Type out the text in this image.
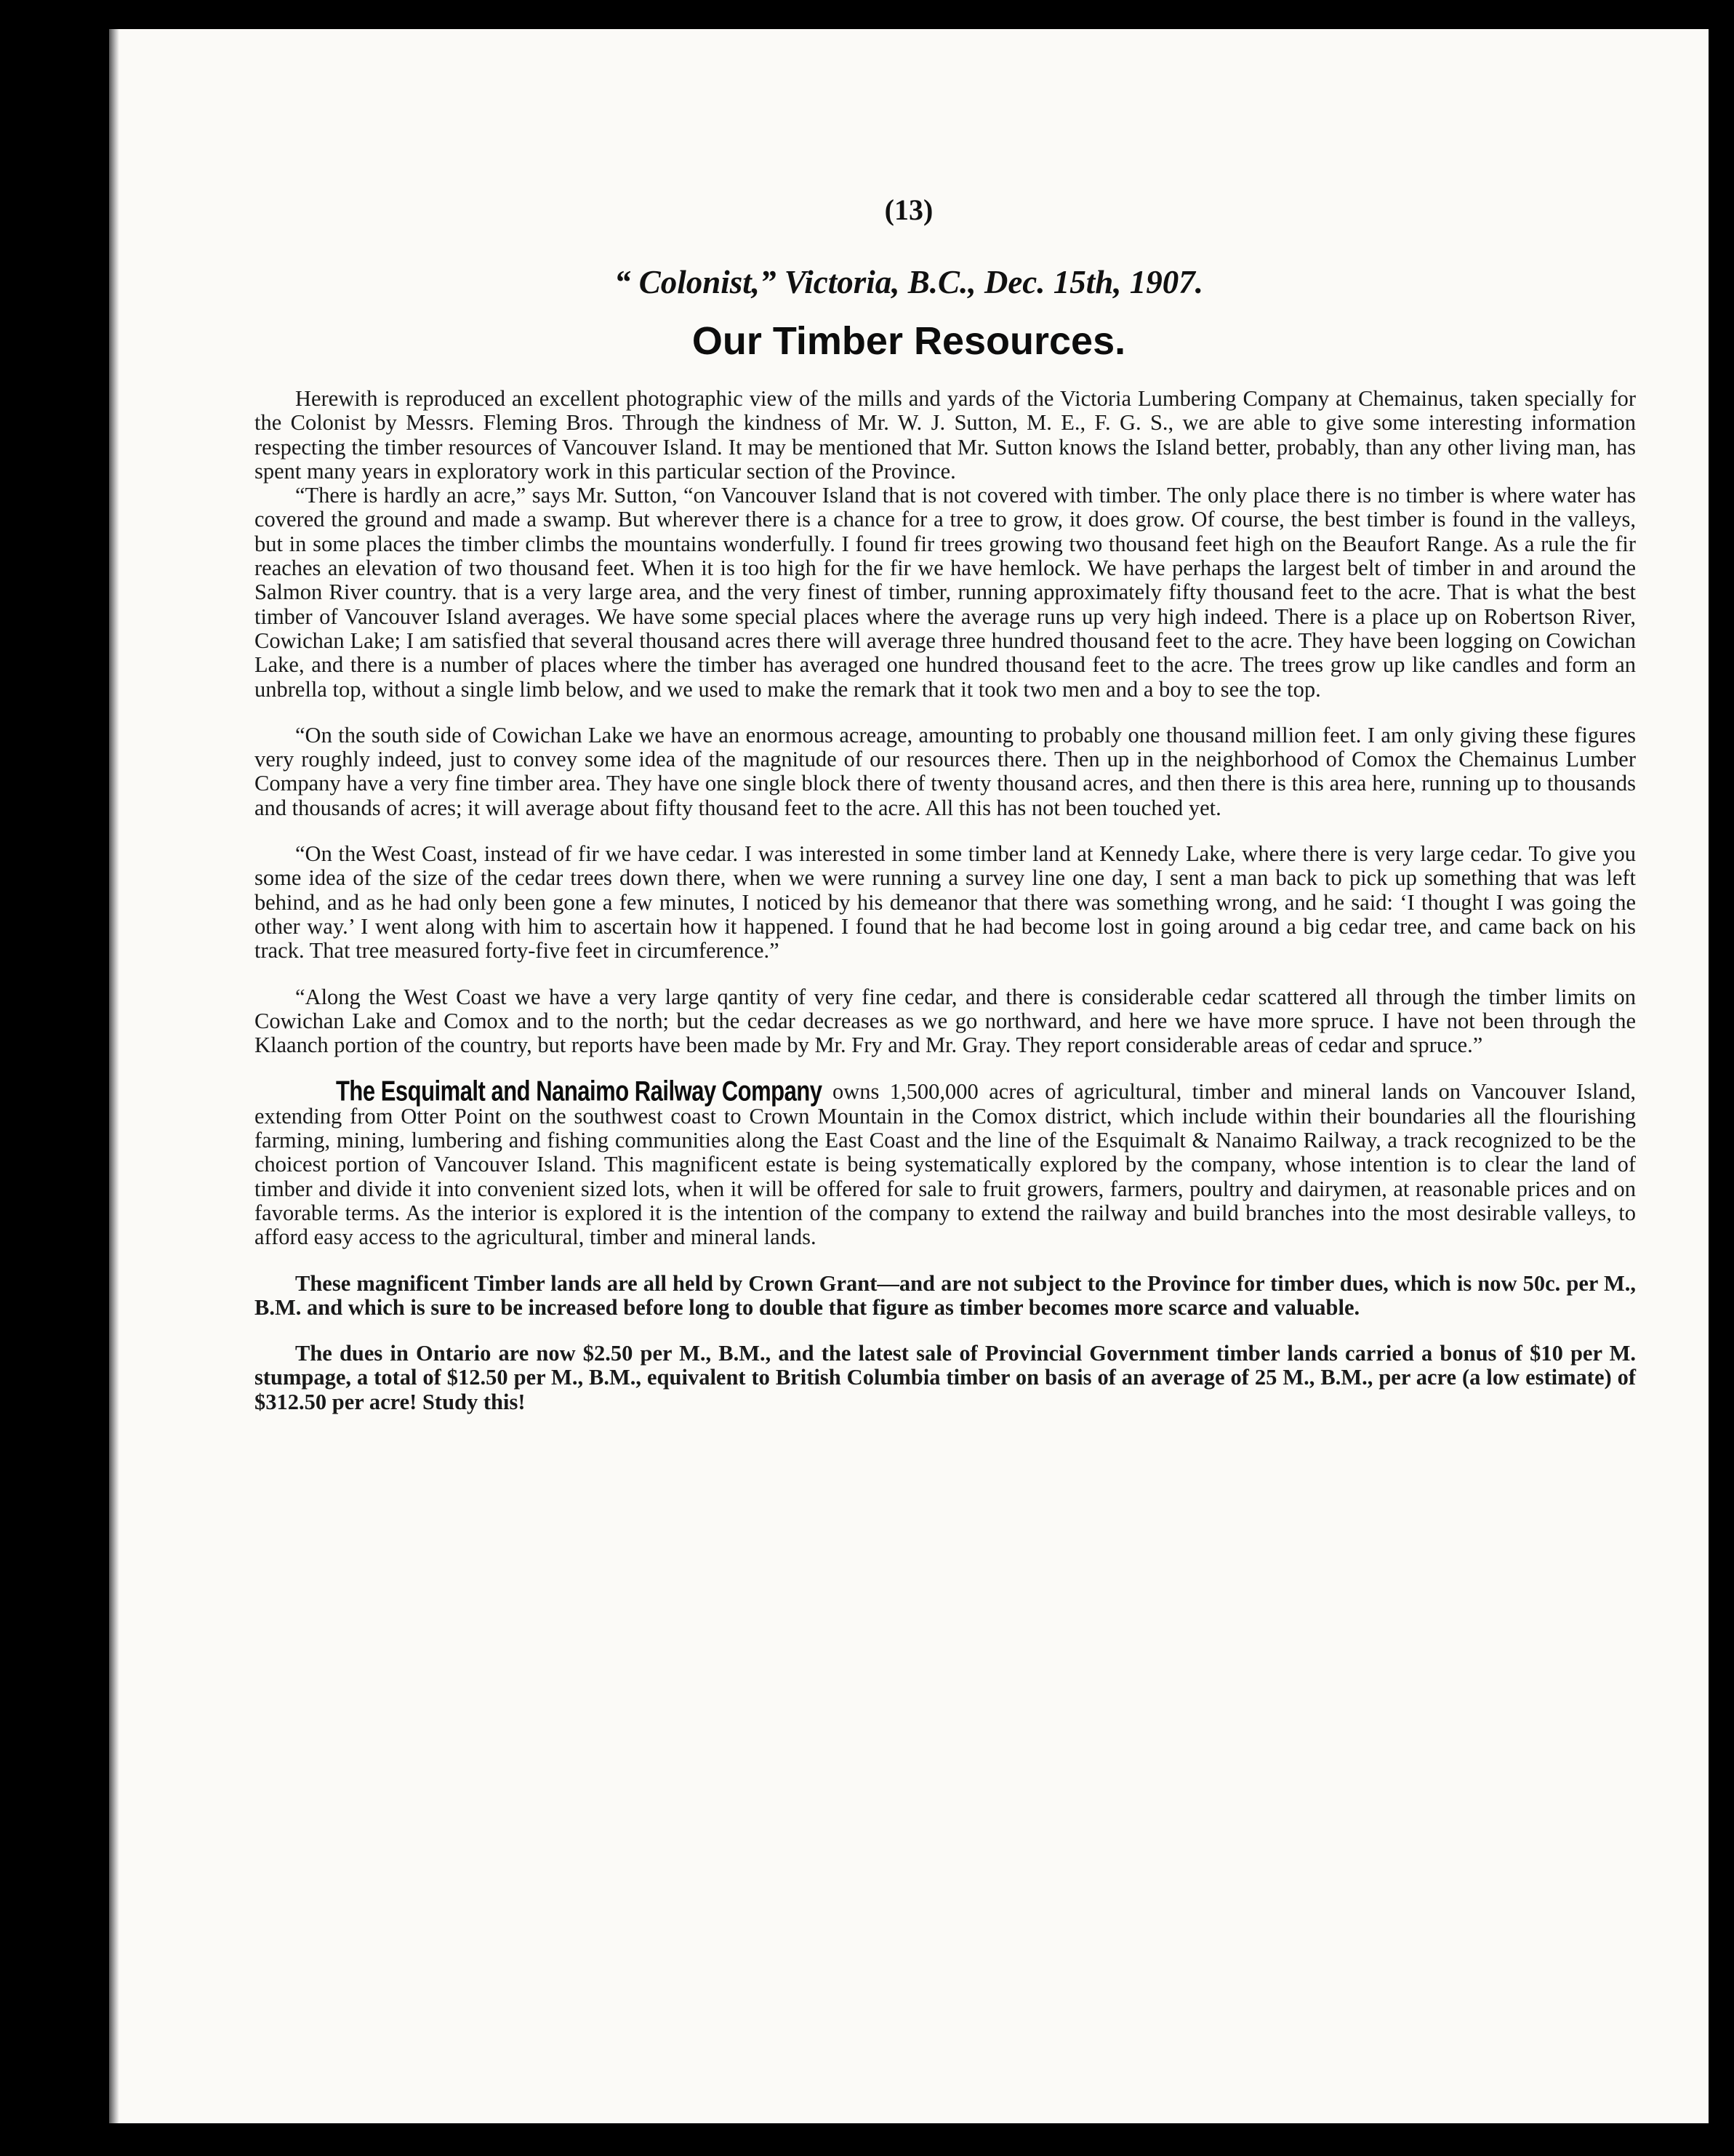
(13)
“ Colonist,” Victoria, B.C., Dec. 15th, 1907.
Our Timber Resources.

Herewith is reproduced an excellent photographic view of the mills and yards of the Victoria Lumbering Company at Chemainus, taken specially for the Colonist by Messrs. Fleming Bros. Through the kindness of Mr. W. J. Sutton, M. E., F. G. S., we are able to give some interesting information respecting the timber resources of Vancouver Island. It may be mentioned that Mr. Sutton knows the Island better, probably, than any other living man, has spent many years in exploratory work in this particular section of the Province.

“There is hardly an acre,” says Mr. Sutton, “on Vancouver Island that is not covered with timber. The only place there is no timber is where water has covered the ground and made a swamp. But wherever there is a chance for a tree to grow, it does grow. Of course, the best timber is found in the valleys, but in some places the timber climbs the mountains wonderfully. I found fir trees growing two thousand feet high on the Beaufort Range. As a rule the fir reaches an elevation of two thousand feet. When it is too high for the fir we have hemlock. We have perhaps the largest belt of timber in and around the Salmon River country. that is a very large area, and the very finest of timber, running approximately fifty thousand feet to the acre. That is what the best timber of Vancouver Island averages. We have some special places where the average runs up very high indeed. There is a place up on Robertson River, Cowichan Lake; I am satisfied that several thousand acres there will average three hundred thousand feet to the acre. They have been logging on Cowichan Lake, and there is a number of places where the timber has averaged one hundred thousand feet to the acre. The trees grow up like candles and form an unbrella top, without a single limb below, and we used to make the remark that it took two men and a boy to see the top.

“On the south side of Cowichan Lake we have an enormous acreage, amounting to probably one thousand million feet. I am only giving these figures very roughly indeed, just to convey some idea of the magnitude of our resources there. Then up in the neighborhood of Comox the Chemainus Lumber Company have a very fine timber area. They have one single block there of twenty thousand acres, and then there is this area here, running up to thousands and thousands of acres; it will average about fifty thousand feet to the acre. All this has not been touched yet.

“On the West Coast, instead of fir we have cedar. I was interested in some timber land at Kennedy Lake, where there is very large cedar. To give you some idea of the size of the cedar trees down there, when we were running a survey line one day, I sent a man back to pick up something that was left behind, and as he had only been gone a few minutes, I noticed by his demeanor that there was something wrong, and he said: ‘I thought I was going the other way.’ I went along with him to ascertain how it happened. I found that he had become lost in going around a big cedar tree, and came back on his track. That tree measured forty-five feet in circumference.”

“Along the West Coast we have a very large qantity of very fine cedar, and there is considerable cedar scattered all through the timber limits on Cowichan Lake and Comox and to the north; but the cedar decreases as we go northward, and here we have more spruce. I have not been through the Klaanch portion of the country, but reports have been made by Mr. Fry and Mr. Gray. They report considerable areas of cedar and spruce.”

The Esquimalt and Nanaimo Railway Company owns 1,500,000 acres of agricultural, timber and mineral lands on Vancouver Island, extending from Otter Point on the southwest coast to Crown Mountain in the Comox district, which include within their boundaries all the flourishing farming, mining, lumbering and fishing communities along the East Coast and the line of the Esquimalt & Nanaimo Railway, a track recognized to be the choicest portion of Vancouver Island. This magnificent estate is being systematically explored by the company, whose intention is to clear the land of timber and divide it into convenient sized lots, when it will be offered for sale to fruit growers, farmers, poultry and dairymen, at reasonable prices and on favorable terms. As the interior is explored it is the intention of the company to extend the railway and build branches into the most desirable valleys, to afford easy access to the agricultural, timber and mineral lands.

These magnificent Timber lands are all held by Crown Grant—and are not subject to the Province for timber dues, which is now 50c. per M., B.M. and which is sure to be increased before long to double that figure as timber becomes more scarce and valuable.

The dues in Ontario are now $2.50 per M., B.M., and the latest sale of Provincial Government timber lands carried a bonus of $10 per M. stumpage, a total of $12.50 per M., B.M., equivalent to British Columbia timber on basis of an average of 25 M., B.M., per acre (a low estimate) of $312.50 per acre! Study this!
